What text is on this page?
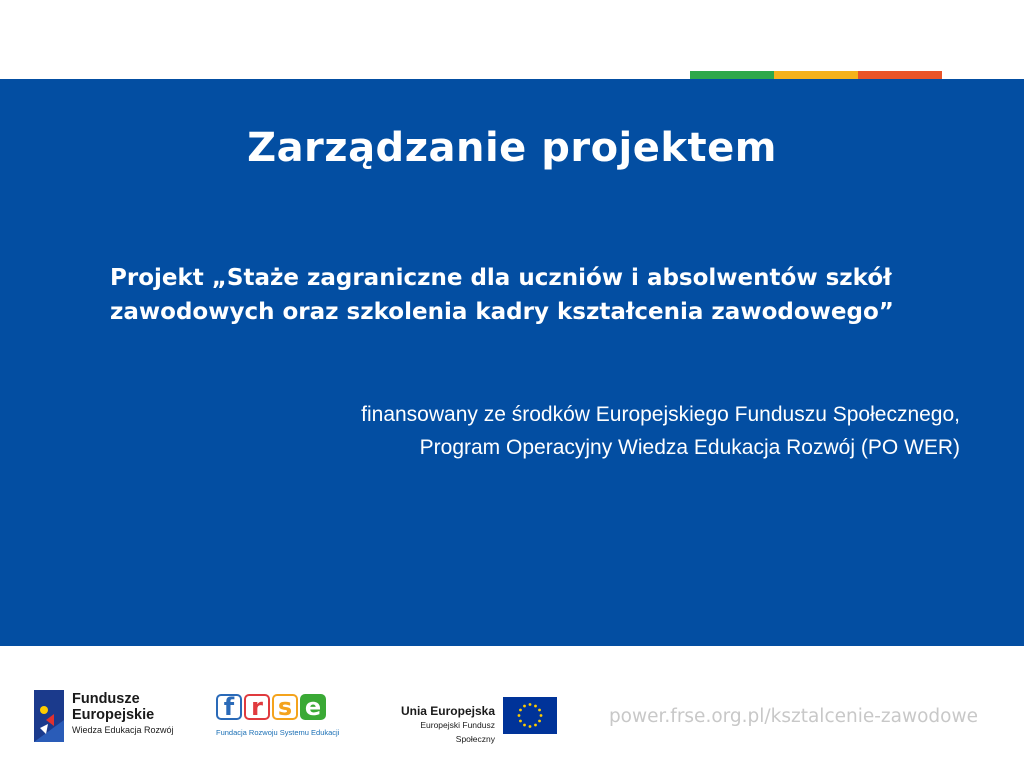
Zarządzanie projektem
Projekt „Staże zagraniczne dla uczniów i absolwentów szkół
zawodowych oraz szkolenia kadry kształcenia zawodowego”
finansowany ze środków Europejskiego Funduszu Społecznego,
Program Operacyjny Wiedza Edukacja Rozwój (PO WER)
Fundusze
Europejskie
Wiedza Edukacja Rozwój
f r s e
Fundacja Rozwoju Systemu Edukacji
Unia Europejska
Europejski Fundusz Społeczny
power.frse.org.pl/ksztalcenie-zawodowe
